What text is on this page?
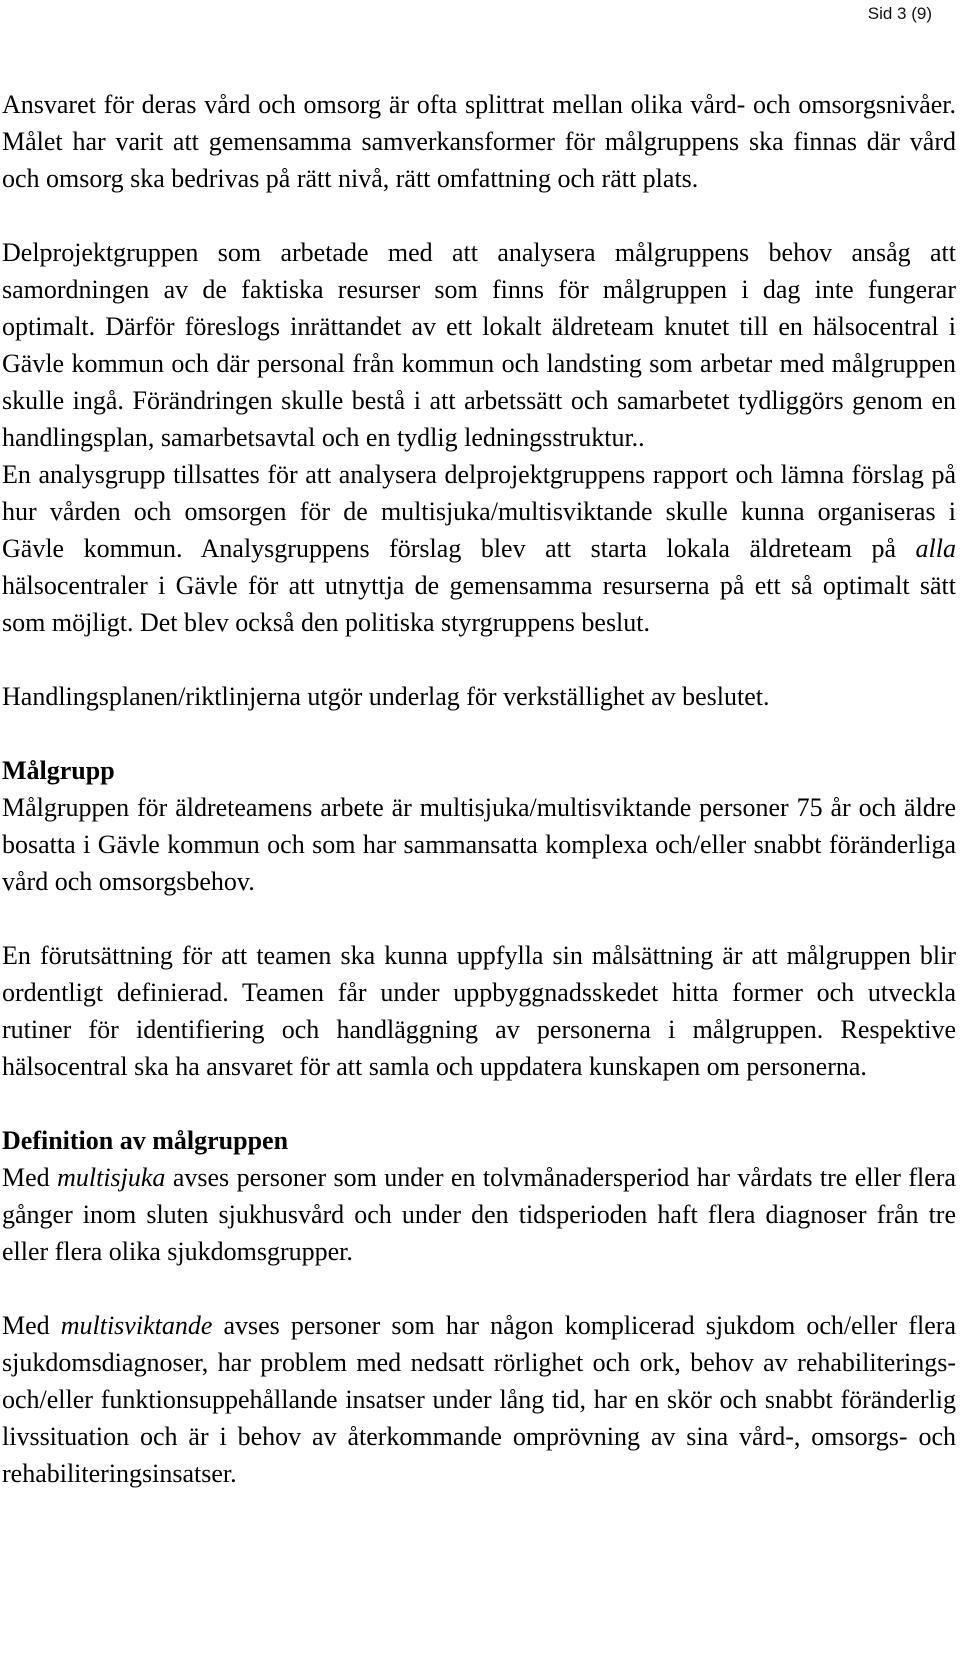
Sid 3 (9)

Ansvaret för deras vård och omsorg är ofta splittrat mellan olika vård- och omsorgsnivåer. Målet har varit att gemensamma samverkansformer för målgruppens ska finnas där vård och omsorg ska bedrivas på rätt nivå, rätt omfattning och rätt plats.

Delprojektgruppen som arbetade med att analysera målgruppens behov ansåg att samordningen av de faktiska resurser som finns för målgruppen i dag inte fungerar optimalt. Därför föreslogs inrättandet av ett lokalt äldreteam knutet till en hälsocentral i Gävle kommun och där personal från kommun och landsting som arbetar med målgruppen skulle ingå. Förändringen skulle bestå i att arbetssätt och samarbetet tydliggörs genom en handlingsplan, samarbetsavtal och en tydlig ledningsstruktur..

En analysgrupp tillsattes för att analysera delprojektgruppens rapport och lämna förslag på hur vården och omsorgen för de multisjuka/multisviktande skulle kunna organiseras i Gävle kommun. Analysgruppens förslag blev att starta lokala äldreteam på alla hälsocentraler i Gävle för att utnyttja de gemensamma resurserna på ett så optimalt sätt som möjligt. Det blev också den politiska styrgruppens beslut.

Handlingsplanen/riktlinjerna utgör underlag för verkställighet av beslutet.

Målgrupp

Målgruppen för äldreteamens arbete är multisjuka/multisviktande personer 75 år och äldre bosatta i Gävle kommun och som har sammansatta komplexa och/eller snabbt föränderliga vård och omsorgsbehov.

En förutsättning för att teamen ska kunna uppfylla sin målsättning är att målgruppen blir ordentligt definierad. Teamen får under uppbyggnadsskedet hitta former och utveckla rutiner för identifiering och handläggning av personerna i målgruppen. Respektive hälsocentral ska ha ansvaret för att samla och uppdatera kunskapen om personerna.

Definition av målgruppen

Med multisjuka avses personer som under en tolvmånadersperiod har vårdats tre eller flera gånger inom sluten sjukhusvård och under den tidsperioden haft flera diagnoser från tre eller flera olika sjukdomsgrupper.

Med multisviktande avses personer som har någon komplicerad sjukdom och/eller flera sjukdomsdiagnoser, har problem med nedsatt rörlighet och ork, behov av rehabiliterings- och/eller funktionsuppehållande insatser under lång tid, har en skör och snabbt föränderlig livssituation och är i behov av återkommande omprövning av sina vård-, omsorgs- och rehabiliteringsinsatser.
